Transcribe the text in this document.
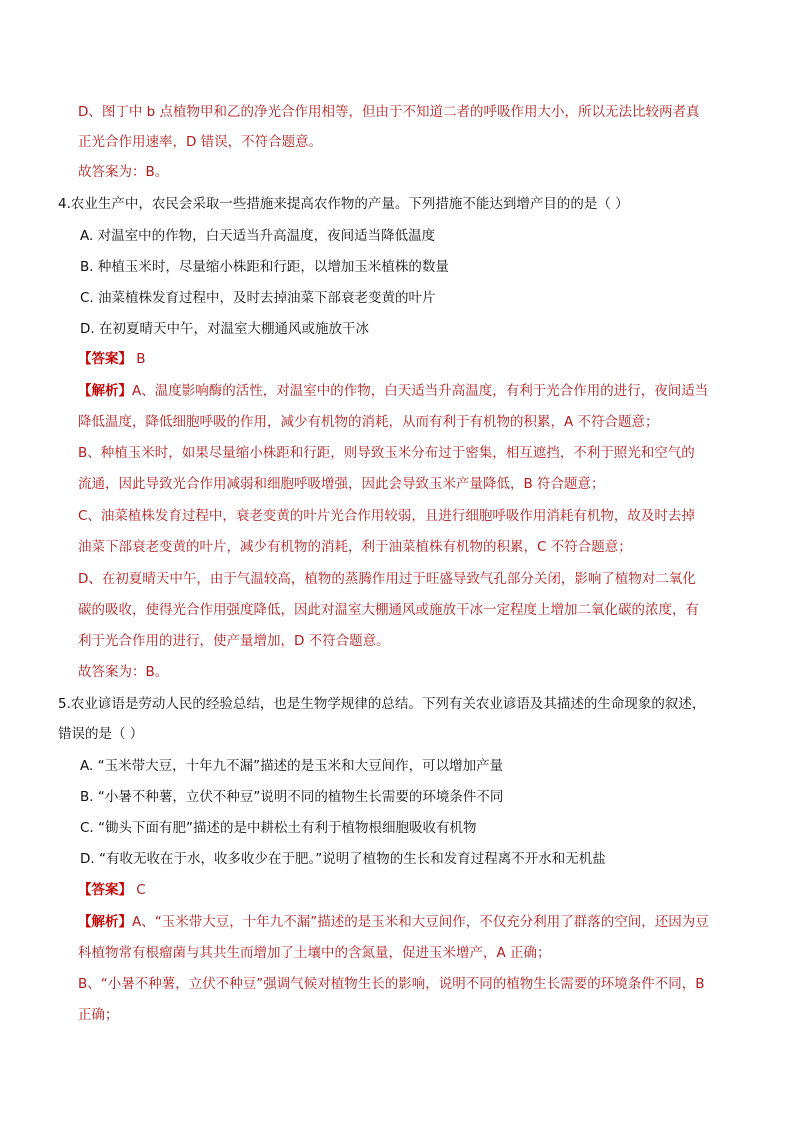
D、图丁中 b 点植物甲和乙的净光合作用相等，但由于不知道二者的呼吸作用大小，所以无法比较两者真
正光合作用速率，D 错误，不符合题意。
故答案为：B。
4.农业生产中，农民会采取一些措施来提高农作物的产量。下列措施不能达到增产目的的是（ ）
A. 对温室中的作物，白天适当升高温度，夜间适当降低温度
B. 种植玉米时，尽量缩小株距和行距，以增加玉米植株的数量
C. 油菜植株发育过程中，及时去掉油菜下部衰老变黄的叶片
D. 在初夏晴天中午，对温室大棚通风或施放干冰
【答案】 B
【解析】A、温度影响酶的活性，对温室中的作物，白天适当升高温度，有利于光合作用的进行，夜间适当
降低温度，降低细胞呼吸的作用，减少有机物的消耗，从而有利于有机物的积累，A 不符合题意；
B、种植玉米时，如果尽量缩小株距和行距，则导致玉米分布过于密集，相互遮挡，不利于照光和空气的
流通，因此导致光合作用减弱和细胞呼吸增强，因此会导致玉米产量降低，B 符合题意；
C、油菜植株发育过程中，衰老变黄的叶片光合作用较弱，且进行细胞呼吸作用消耗有机物，故及时去掉
油菜下部衰老变黄的叶片，减少有机物的消耗，利于油菜植株有机物的积累，C 不符合题意；
D、在初夏晴天中午，由于气温较高，植物的蒸腾作用过于旺盛导致气孔部分关闭，影响了植物对二氧化
碳的吸收，使得光合作用强度降低，因此对温室大棚通风或施放干冰一定程度上增加二氧化碳的浓度，有
利于光合作用的进行，使产量增加，D 不符合题意。
故答案为：B。
5.农业谚语是劳动人民的经验总结，也是生物学规律的总结。下列有关农业谚语及其描述的生命现象的叙述，
错误的是（ ）
A. “玉米带大豆，十年九不漏”描述的是玉米和大豆间作，可以增加产量
B. “小暑不种薯，立伏不种豆”说明不同的植物生长需要的环境条件不同
C. “锄头下面有肥”描述的是中耕松土有利于植物根细胞吸收有机物
D. “有收无收在于水，收多收少在于肥。”说明了植物的生长和发育过程离不开水和无机盐
【答案】 C
【解析】A、“玉米带大豆，十年九不漏”描述的是玉米和大豆间作，不仅充分利用了群落的空间，还因为豆
科植物常有根瘤菌与其共生而增加了土壤中的含氮量，促进玉米增产，A 正确；
B、“小暑不种薯，立伏不种豆”强调气候对植物生长的影响，说明不同的植物生长需要的环境条件不同，B
正确；
